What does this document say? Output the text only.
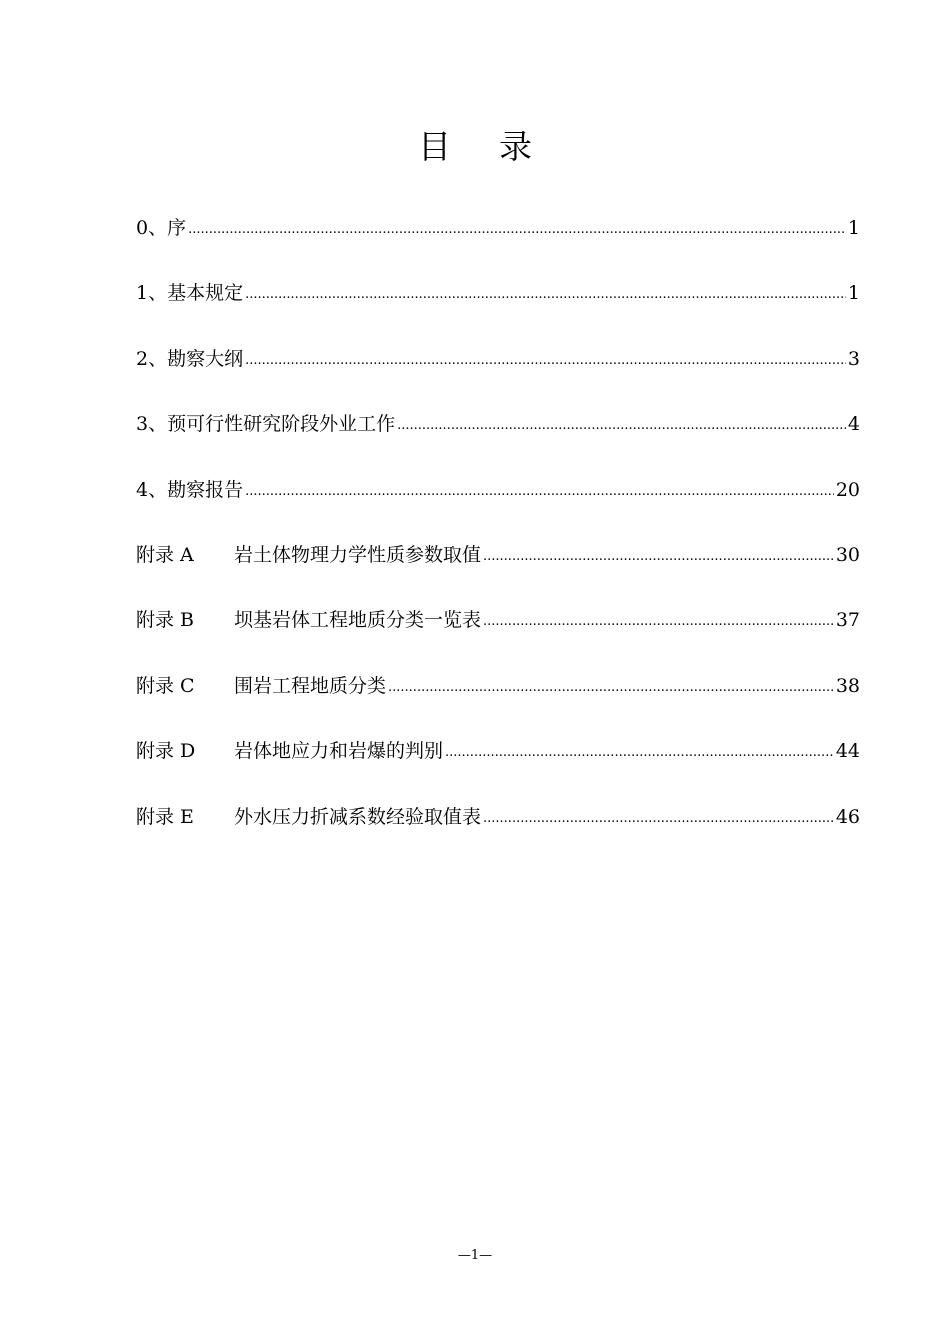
目录
0、序 .....	1
1、基本规定 .....	1
2、勘察大纲 .....	3
3、预可行性研究阶段外业工作 .....	4
4、勘察报告 .....	20
附录 A	岩土体物理力学性质参数取值 .....	30
附录 B	坝基岩体工程地质分类一览表 .....	37
附录 C	围岩工程地质分类 .....	38
附录 D	岩体地应力和岩爆的判别 .....	44
附录 E	外水压力折减系数经验取值表 .....	46
—1—
